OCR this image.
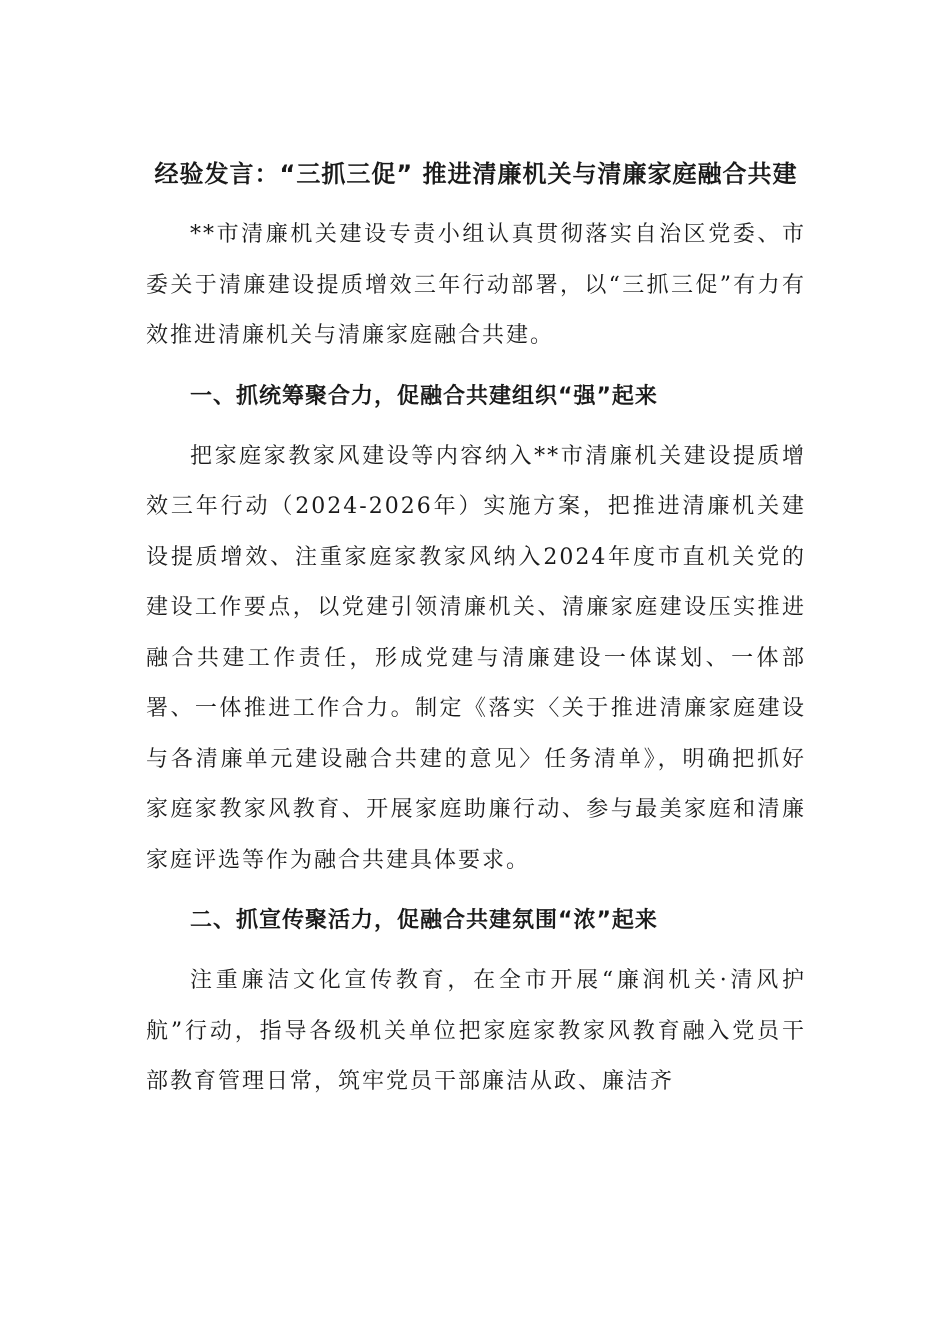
经验发言：“三抓三促” 推进清廉机关与清廉家庭融合共建

**市清廉机关建设专责小组认真贯彻落实自治区党委、市委关于清廉建设提质增效三年行动部署，以“三抓三促”有力有效推进清廉机关与清廉家庭融合共建。

一、抓统筹聚合力，促融合共建组织“强”起来

把家庭家教家风建设等内容纳入**市清廉机关建设提质增效三年行动（2024-2026年）实施方案，把推进清廉机关建设提质增效、注重家庭家教家风纳入2024年度市直机关党的建设工作要点，以党建引领清廉机关、清廉家庭建设压实推进融合共建工作责任，形成党建与清廉建设一体谋划、一体部署、一体推进工作合力。制定《落实〈关于推进清廉家庭建设与各清廉单元建设融合共建的意见〉任务清单》，明确把抓好家庭家教家风教育、开展家庭助廉行动、参与最美家庭和清廉家庭评选等作为融合共建具体要求。

二、抓宣传聚活力，促融合共建氛围“浓”起来

注重廉洁文化宣传教育，在全市开展“廉润机关·清风护航”行动，指导各级机关单位把家庭家教家风教育融入党员干部教育管理日常，筑牢党员干部廉洁从政、廉洁齐
